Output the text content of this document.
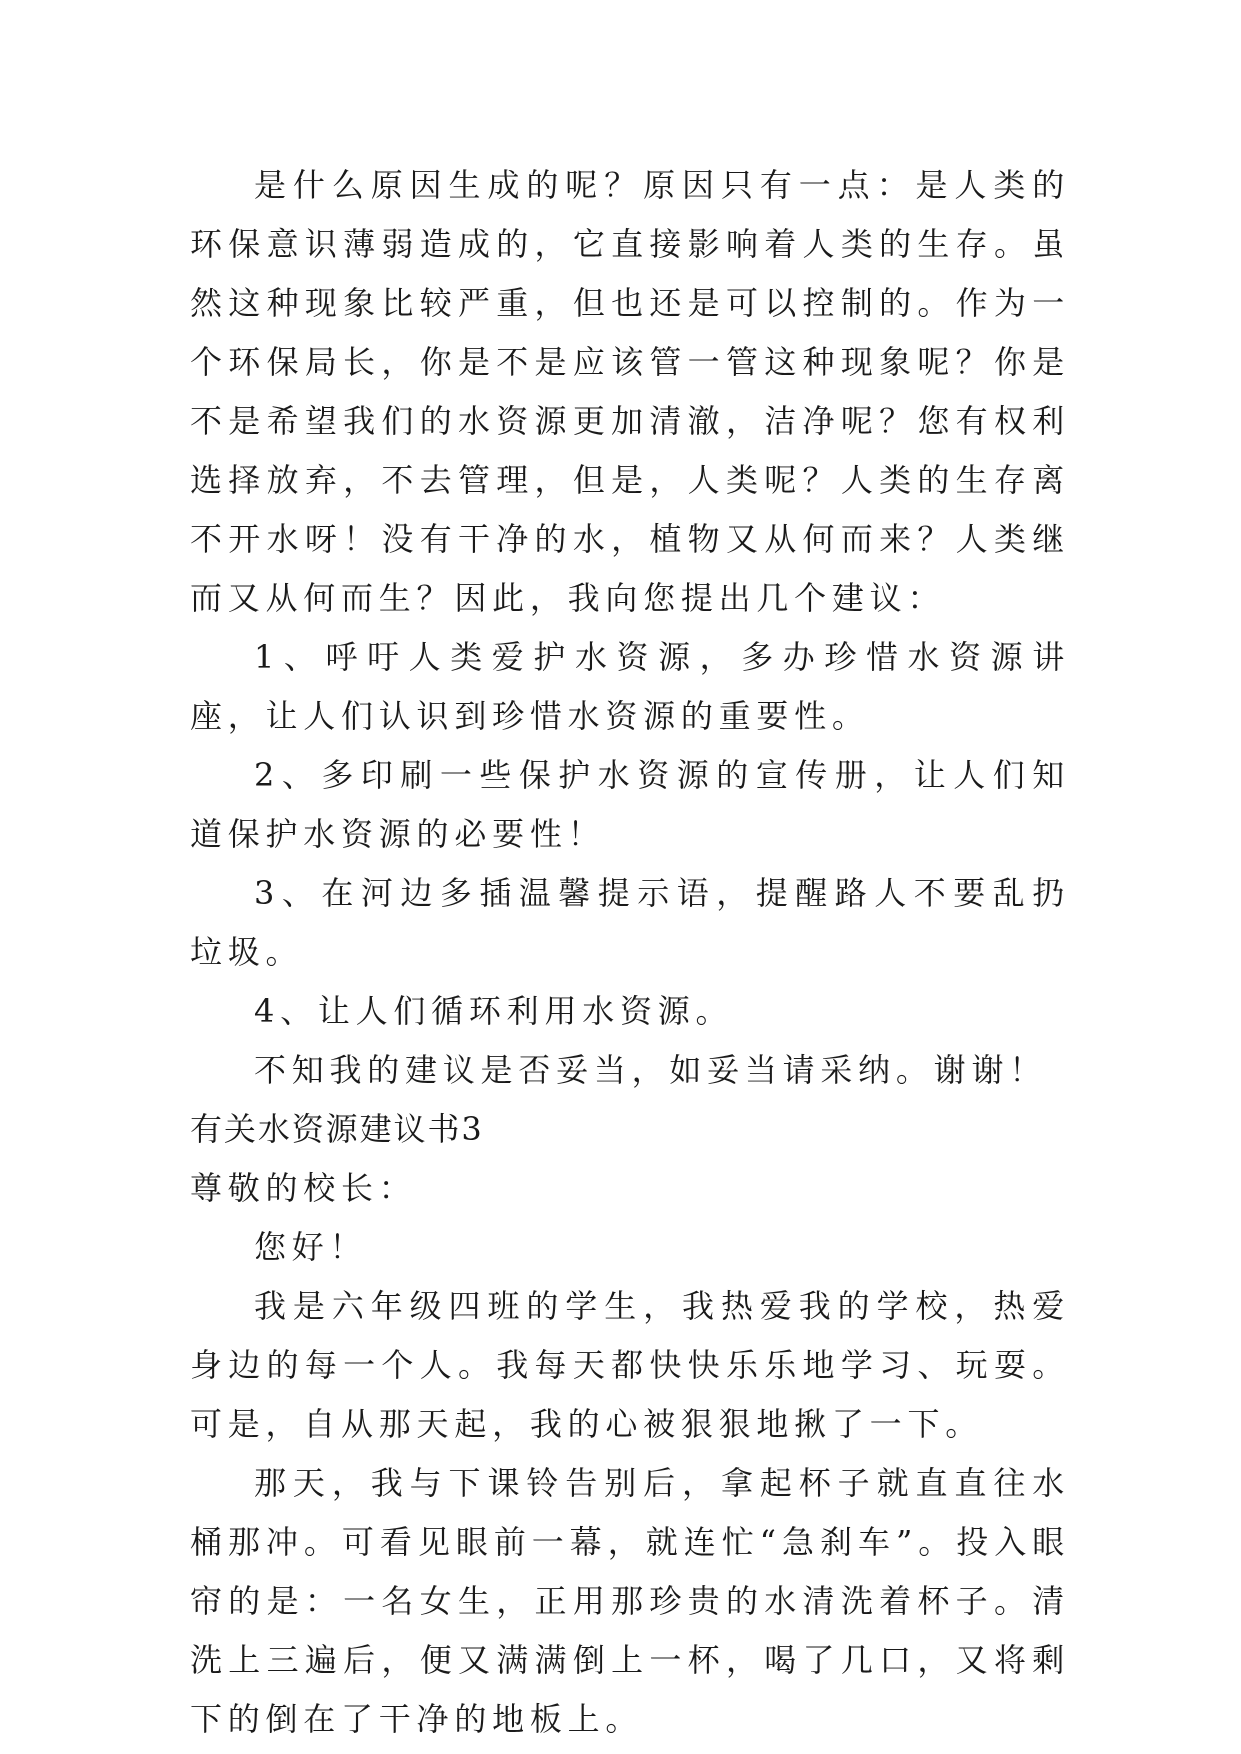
是什么原因生成的呢？原因只有一点：是人类的环保意识薄弱造成的，它直接影响着人类的生存。虽然这种现象比较严重，但也还是可以控制的。作为一个环保局长，你是不是应该管一管这种现象呢？你是不是希望我们的水资源更加清澈，洁净呢？您有权利选择放弃，不去管理，但是，人类呢？人类的生存离不开水呀！没有干净的水，植物又从何而来？人类继而又从何而生？因此，我向您提出几个建议：

1、呼吁人类爱护水资源，多办珍惜水资源讲座，让人们认识到珍惜水资源的重要性。

2、多印刷一些保护水资源的宣传册，让人们知道保护水资源的必要性！

3、在河边多插温馨提示语，提醒路人不要乱扔垃圾。

4、让人们循环利用水资源。

不知我的建议是否妥当，如妥当请采纳。谢谢！

有关水资源建议书3

尊敬的校长：

您好！

我是六年级四班的学生，我热爱我的学校，热爱身边的每一个人。我每天都快快乐乐地学习、玩耍。可是，自从那天起，我的心被狠狠地揪了一下。

那天，我与下课铃告别后，拿起杯子就直直往水桶那冲。可看见眼前一幕，就连忙“急刹车”。投入眼帘的是：一名女生，正用那珍贵的水清洗着杯子。清洗上三遍后，便又满满倒上一杯，喝了几口，又将剩下的倒在了干净的地板上。
